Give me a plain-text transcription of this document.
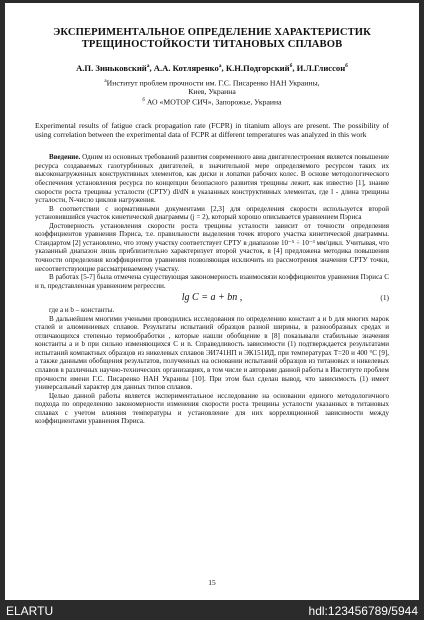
ЭКСПЕРИМЕНТАЛЬНОЕ ОПРЕДЕЛЕНИЕ ХАРАКТЕРИСТИК
ТРЕЩИНОСТОЙКОСТИ ТИТАНОВЫХ СПЛАВОВ
А.П. Зиньковский$^а$, А.А. Котляренко$^а$, К.Н.Подгорский$^б$, И.Л.Глиссон$^б$
$^а$Институт проблем прочности им. Г.С. Писаренко НАН Украины,
Киев, Украина
$^б$ АО «МОТОР СИЧ», Запорожье, Украина
Experimental results of fatigue crack propagation rate (FCPR) in titanium alloys are present. The possibility of using correlation between the experimental data of FCPR at different temperatures was analyzed in this work

Введение. Одним из основных требований развития современного авиа двигателестроения является повышение ресурса создаваемых газотурбинных двигателей, в значительной мере определяемого ресурсом таких их высоконагруженных конструктивных элементов, как диски и лопатки рабочих колес. В основе методологического обеспечения установления ресурса по концепции безопасного развития трещины лежит, как известно [1], знание скорости роста трещины усталости (СРТУ) dl/dN в указанных конструктивных элементах, где l - длина трещины усталости, N-число циклов нагружения.

В соответствии с нормативными документами [2,3] для определения скорости используется второй установившийся участок кинетической диаграммы (j = 2), который хорошо описывается уравнением Пэриса

Достоверность установления скорости роста трещины усталости зависит от точности определения коэффициентов уравнения Пэриса, т.е. правильности выделения точек второго участка кинетической диаграммы. Стандартом [2] установлено, что этому участку соответствует СРТУ в диапазоне 10⁻⁵ ÷ 10⁻³ мм/цикл. Учитывая, что указанный диапазон лишь приблизительно характеризует второй участок, в [4] предложена методика повышения точности определения коэффициентов уравнения позволяющая исключить из рассмотрения значения СРТУ точки, несоответствующие рассматриваемому участку.

В работах [5-7] была отмечена существующая закономерность взаимосвязи коэффициентов уравнения Пэриса C и n, представленная уравнением регрессии.

lg C = a + bn ,	(1)

где a и b – константы.

В дальнейшем многими учеными проводились исследования по определению констант a и b для многих марок сталей и алюминиевых сплавов. Результаты испытаний образцов разной ширины, в разнообразных средах и отличающихся степенью термообработки , которые нашли обобщение в [8] показывали стабильные значения константы a и b при сильно изменяющихся C и n. Справедливость зависимости (1) подтверждается результатами испытаний компактных образцов из никелевых сплавов ЭИ741НП и ЭК151ИД, при температурах Т=20 и 400 °С [9], а также данными обобщения результатов, полученных на основании испытаний образцов из титановых и никелевых сплавов в различных научно-технических организациях, в том числе и авторами данной работы в Институте проблем прочности имени Г.С. Писаренко НАН Украины [10]. При этом был сделан вывод, что зависимость (1) имеет универсальный характер для данных типов сплавов.

Целью данной работы является экспериментальное исследование на основании единого методологичного подхода по определению закономерности изменения скорости роста трещины усталости указанных в титановых сплавах с учетом влияния температуры и установление для них корреляционной зависимости между коэффициентами уравнения Пэриса.

15
ELARTU	hdl:123456789/5944
